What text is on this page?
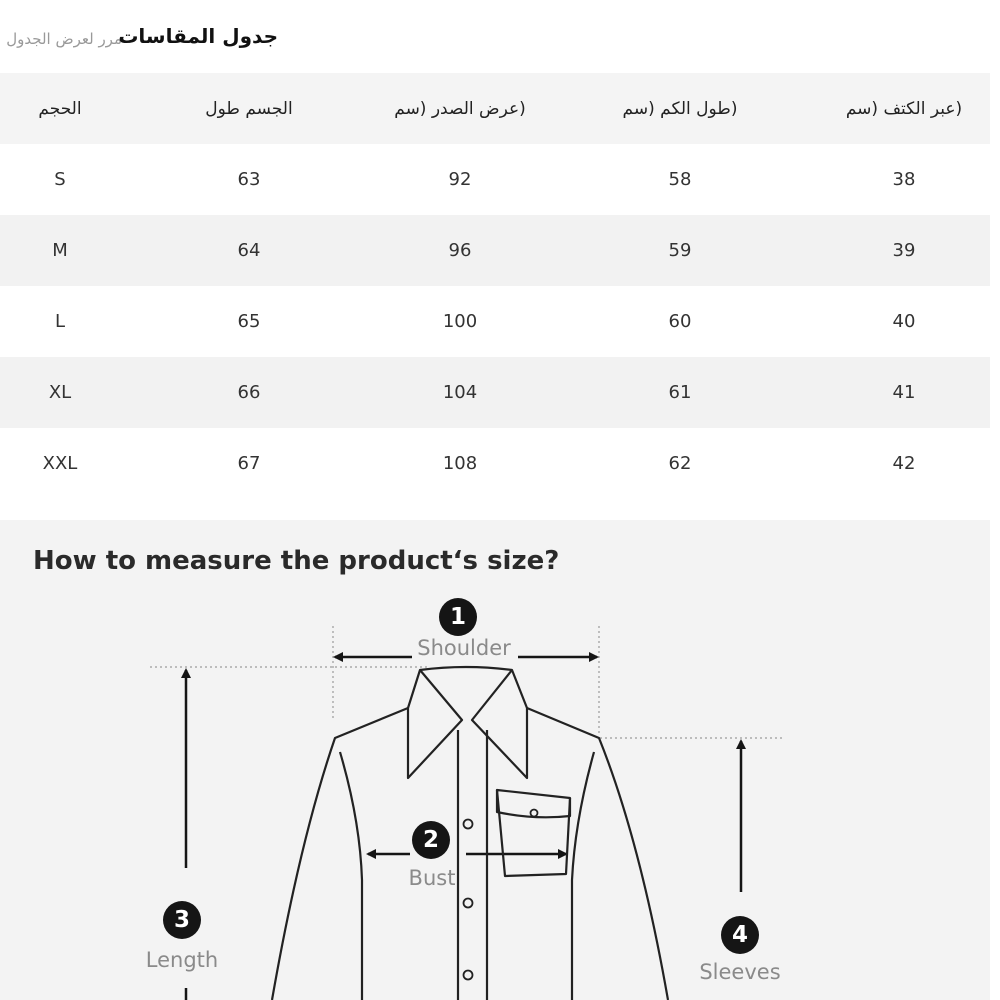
مرر لعرض الجدول
جدول المقاسات
الحجم	الجسم طول	(عرض الصدر (سم	(طول الكم (سم	(عبر الكتف (سم
S	63	92	58	38
M	64	96	59	39
L	65	100	60	40
XL	66	104	61	41
XXL	67	108	62	42
How to measure the product‘s size?
1
Shoulder
2
Bust
3
Length
4
Sleeves
